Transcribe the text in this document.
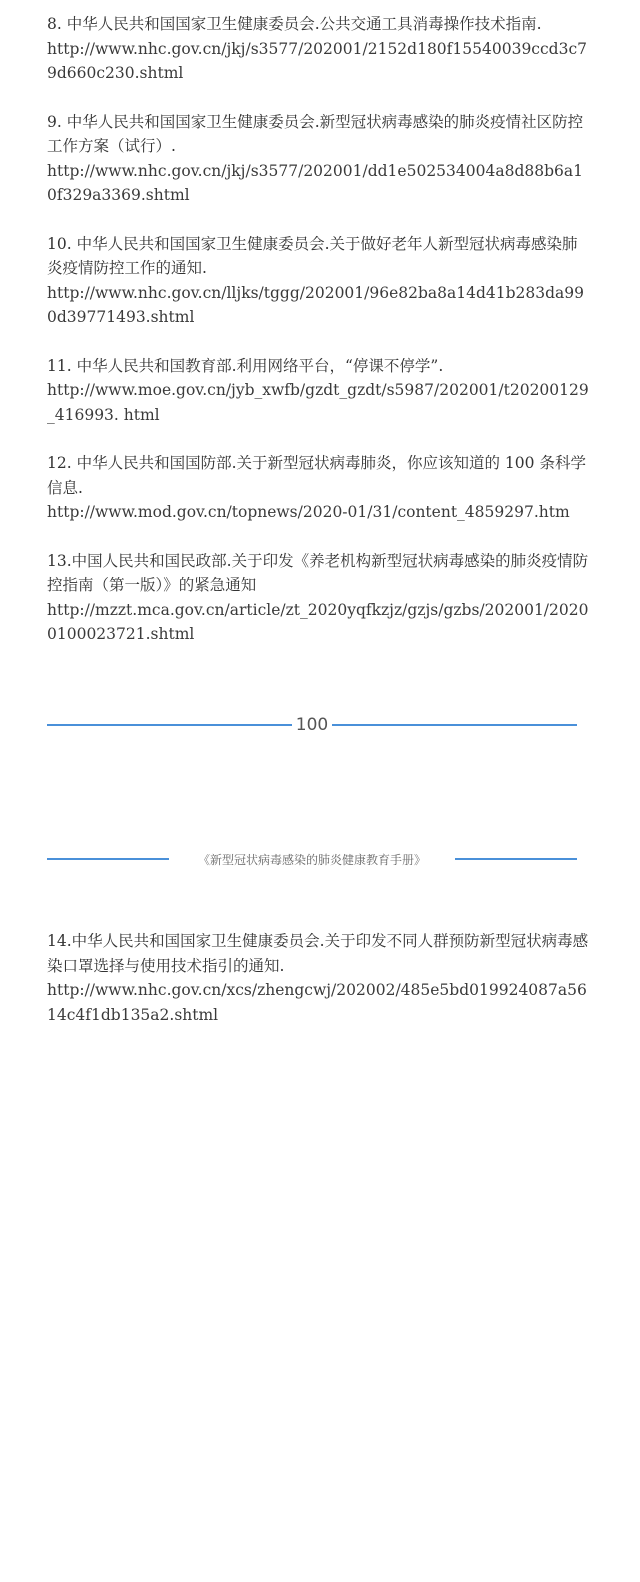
8. 中华人民共和国国家卫生健康委员会.公共交通工具消毒操作技术指南.
http://www.nhc.gov.cn/jkj/s3577/202001/2152d180f15540039ccd3c79d660c230.shtml
9. 中华人民共和国国家卫生健康委员会.新型冠状病毒感染的肺炎疫情社区防控工作方案（试行）.
http://www.nhc.gov.cn/jkj/s3577/202001/dd1e502534004a8d88b6a10f329a3369.shtml
10. 中华人民共和国国家卫生健康委员会.关于做好老年人新型冠状病毒感染肺炎疫情防控工作的通知.
http://www.nhc.gov.cn/lljks/tggg/202001/96e82ba8a14d41b283da990d39771493.shtml
11. 中华人民共和国教育部.利用网络平台，“停课不停学”.
http://www.moe.gov.cn/jyb_xwfb/gzdt_gzdt/s5987/202001/t20200129_416993. html
12. 中华人民共和国国防部.关于新型冠状病毒肺炎，你应该知道的 100 条科学信息.
http://www.mod.gov.cn/topnews/2020-01/31/content_4859297.htm
13.中国人民共和国民政部.关于印发《养老机构新型冠状病毒感染的肺炎疫情防控指南（第一版）》的紧急通知
http://mzzt.mca.gov.cn/article/zt_2020yqfkzjz/gzjs/gzbs/202001/20200100023721.shtml
100
《新型冠状病毒感染的肺炎健康教育手册》
14.中华人民共和国国家卫生健康委员会.关于印发不同人群预防新型冠状病毒感染口罩选择与使用技术指引的通知.
http://www.nhc.gov.cn/xcs/zhengcwj/202002/485e5bd019924087a5614c4f1db135a2.shtml
